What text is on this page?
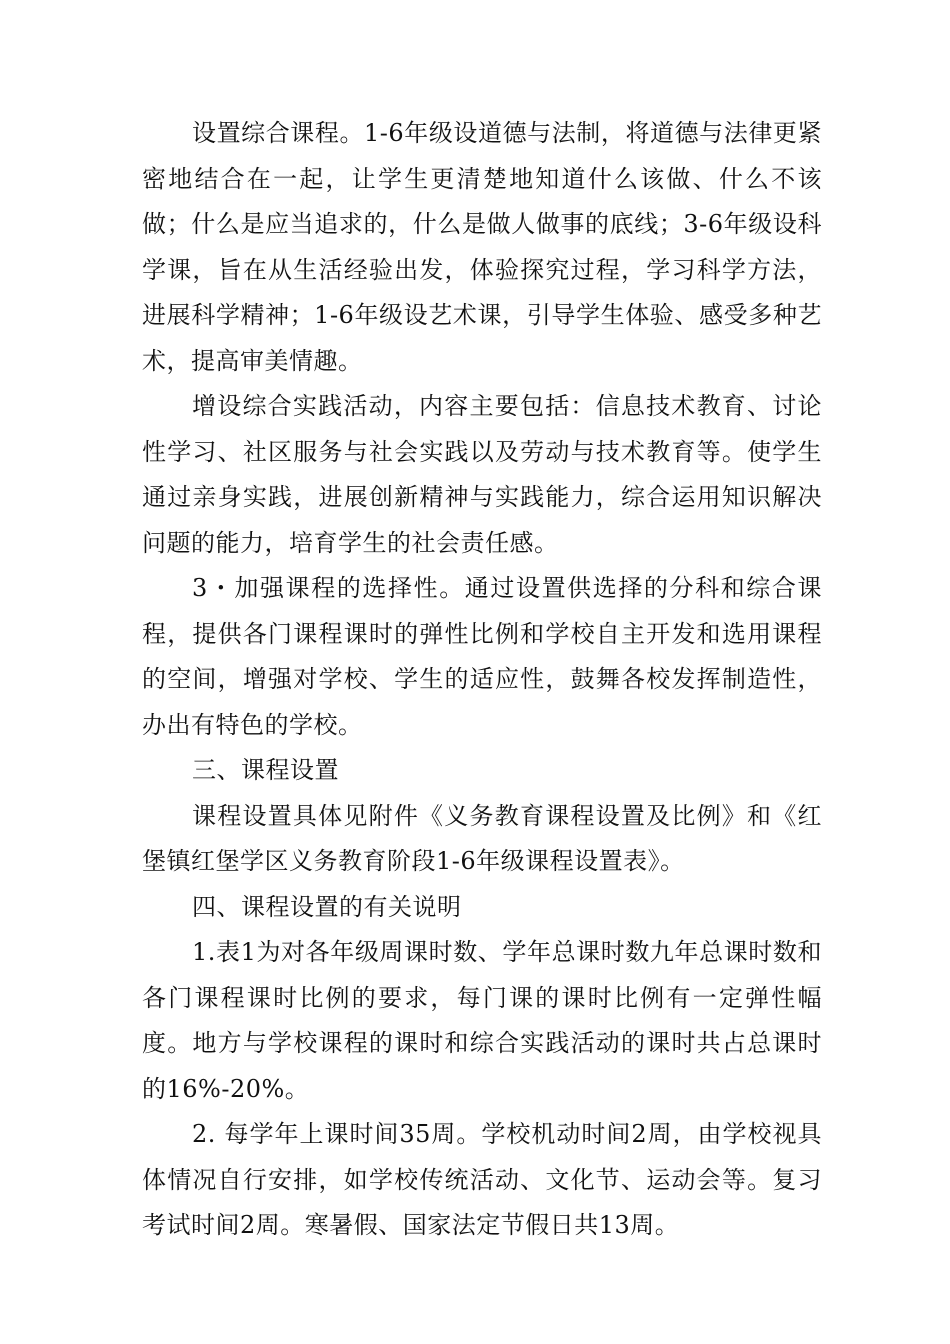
设置综合课程。1-6年级设道德与法制，将道德与法律更紧密地结合在一起，让学生更清楚地知道什么该做、什么不该做；什么是应当追求的，什么是做人做事的底线；3-6年级设科学课，旨在从生活经验出发，体验探究过程，学习科学方法，进展科学精神；1-6年级设艺术课，引导学生体验、感受多种艺术，提高审美情趣。

增设综合实践活动，内容主要包括：信息技术教育、讨论性学习、社区服务与社会实践以及劳动与技术教育等。使学生通过亲身实践，进展创新精神与实践能力，综合运用知识解决问题的能力，培育学生的社会责任感。

3・加强课程的选择性。通过设置供选择的分科和综合课程，提供各门课程课时的弹性比例和学校自主开发和选用课程的空间，增强对学校、学生的适应性，鼓舞各校发挥制造性，办出有特色的学校。

三、课程设置

课程设置具体见附件《义务教育课程设置及比例》和《红堡镇红堡学区义务教育阶段1-6年级课程设置表》。

四、课程设置的有关说明

1.表1为对各年级周课时数、学年总课时数九年总课时数和各门课程课时比例的要求，每门课的课时比例有一定弹性幅度。地方与学校课程的课时和综合实践活动的课时共占总课时的16%-20%。

2. 每学年上课时间35周。学校机动时间2周，由学校视具体情况自行安排，如学校传统活动、文化节、运动会等。复习考试时间2周。寒暑假、国家法定节假日共13周。
